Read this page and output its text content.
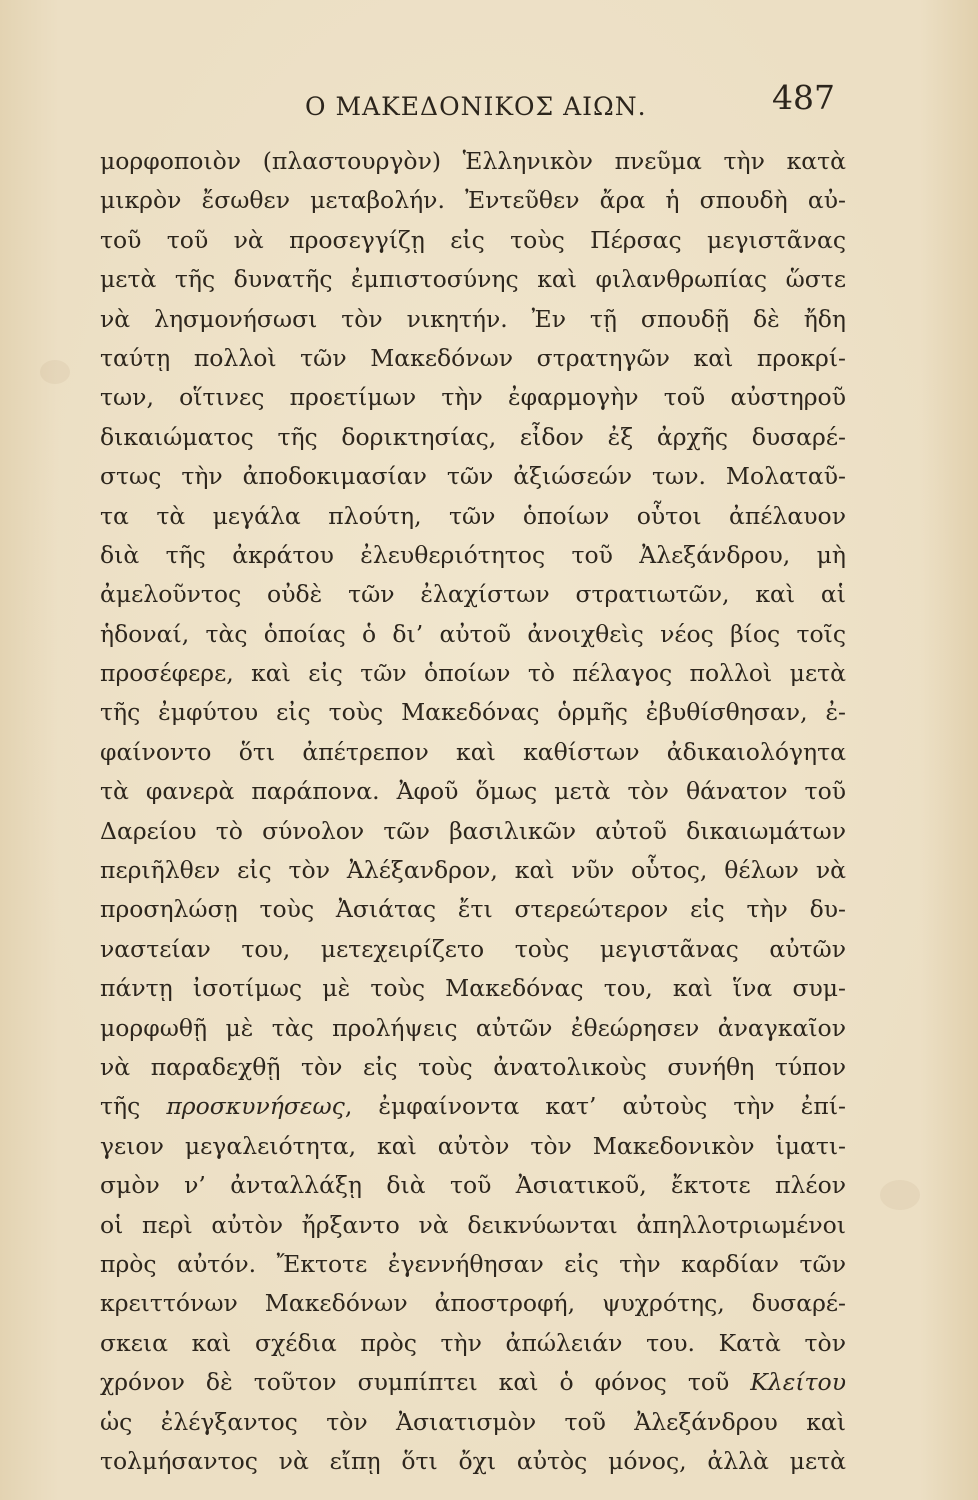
Ο ΜΑΚΕΔΟΝΙΚΟΣ ΑΙΩΝ.	487
μορφοποιὸν (πλαστουργὸν) Ἑλληνικὸν πνεῦμα τὴν κατὰ
μικρὸν ἔσωθεν μεταβολήν. Ἐντεῦθεν ἄρα ἡ σπουδὴ αὐ-
τοῦ τοῦ νὰ προσεγγίζῃ εἰς τοὺς Πέρσας μεγιστᾶνας
μετὰ τῆς δυνατῆς ἐμπιστοσύνης καὶ φιλανθρωπίας ὥστε
νὰ λησμονήσωσι τὸν νικητήν. Ἐν τῇ σπουδῇ δὲ ἤδη
ταύτῃ πολλοὶ τῶν Μακεδόνων στρατηγῶν καὶ προκρί-
των, οἵτινες προετίμων τὴν ἐφαρμογὴν τοῦ αὐστηροῦ
δικαιώματος τῆς δορικτησίας, εἶδον ἐξ ἀρχῆς δυσαρέ-
στως τὴν ἀποδοκιμασίαν τῶν ἀξιώσεών των. Μολαταῦ-
τα τὰ μεγάλα πλούτη, τῶν ὁποίων οὗτοι ἀπέλαυον
διὰ τῆς ἀκράτου ἐλευθεριότητος τοῦ Ἀλεξάνδρου, μὴ
ἀμελοῦντος οὐδὲ τῶν ἐλαχίστων στρατιωτῶν, καὶ αἱ
ἡδοναί, τὰς ὁποίας ὁ δι’ αὐτοῦ ἀνοιχθεὶς νέος βίος τοῖς
προσέφερε, καὶ εἰς τῶν ὁποίων τὸ πέλαγος πολλοὶ μετὰ
τῆς ἐμφύτου εἰς τοὺς Μακεδόνας ὁρμῆς ἐβυθίσθησαν, ἐ-
φαίνοντο ὅτι ἀπέτρεπον καὶ καθίστων ἀδικαιολόγητα
τὰ φανερὰ παράπονα. Ἀφοῦ ὅμως μετὰ τὸν θάνατον τοῦ
Δαρείου τὸ σύνολον τῶν βασιλικῶν αὐτοῦ δικαιωμάτων
περιῆλθεν εἰς τὸν Ἀλέξανδρον, καὶ νῦν οὗτος, θέλων νὰ
προσηλώσῃ τοὺς Ἀσιάτας ἔτι στερεώτερον εἰς τὴν δυ-
ναστείαν του, μετεχειρίζετο τοὺς μεγιστᾶνας αὐτῶν
πάντῃ ἰσοτίμως μὲ τοὺς Μακεδόνας του, καὶ ἵνα συμ-
μορφωθῇ μὲ τὰς προλήψεις αὐτῶν ἐθεώρησεν ἀναγκαῖον
νὰ παραδεχθῇ τὸν εἰς τοὺς ἀνατολικοὺς συνήθη τύπον
τῆς προσκυνήσεως, ἐμφαίνοντα κατ’ αὐτοὺς τὴν ἐπί-
γειον μεγαλειότητα, καὶ αὐτὸν τὸν Μακεδονικὸν ἱματι-
σμὸν ν’ ἀνταλλάξῃ διὰ τοῦ Ἀσιατικοῦ, ἔκτοτε πλέον
οἱ περὶ αὐτὸν ἤρξαντο νὰ δεικνύωνται ἀπηλλοτριωμένοι
πρὸς αὐτόν. Ἔκτοτε ἐγεννήθησαν εἰς τὴν καρδίαν τῶν
κρειττόνων Μακεδόνων ἀποστροφή, ψυχρότης, δυσαρέ-
σκεια καὶ σχέδια πρὸς τὴν ἀπώλειάν του. Κατὰ τὸν
χρόνον δὲ τοῦτον συμπίπτει καὶ ὁ φόνος τοῦ Κλείτου
ὡς ἐλέγξαντος τὸν Ἀσιατισμὸν τοῦ Ἀλεξάνδρου καὶ
τολμήσαντος νὰ εἴπῃ ὅτι ὄχι αὐτὸς μόνος, ἀλλὰ μετὰ
